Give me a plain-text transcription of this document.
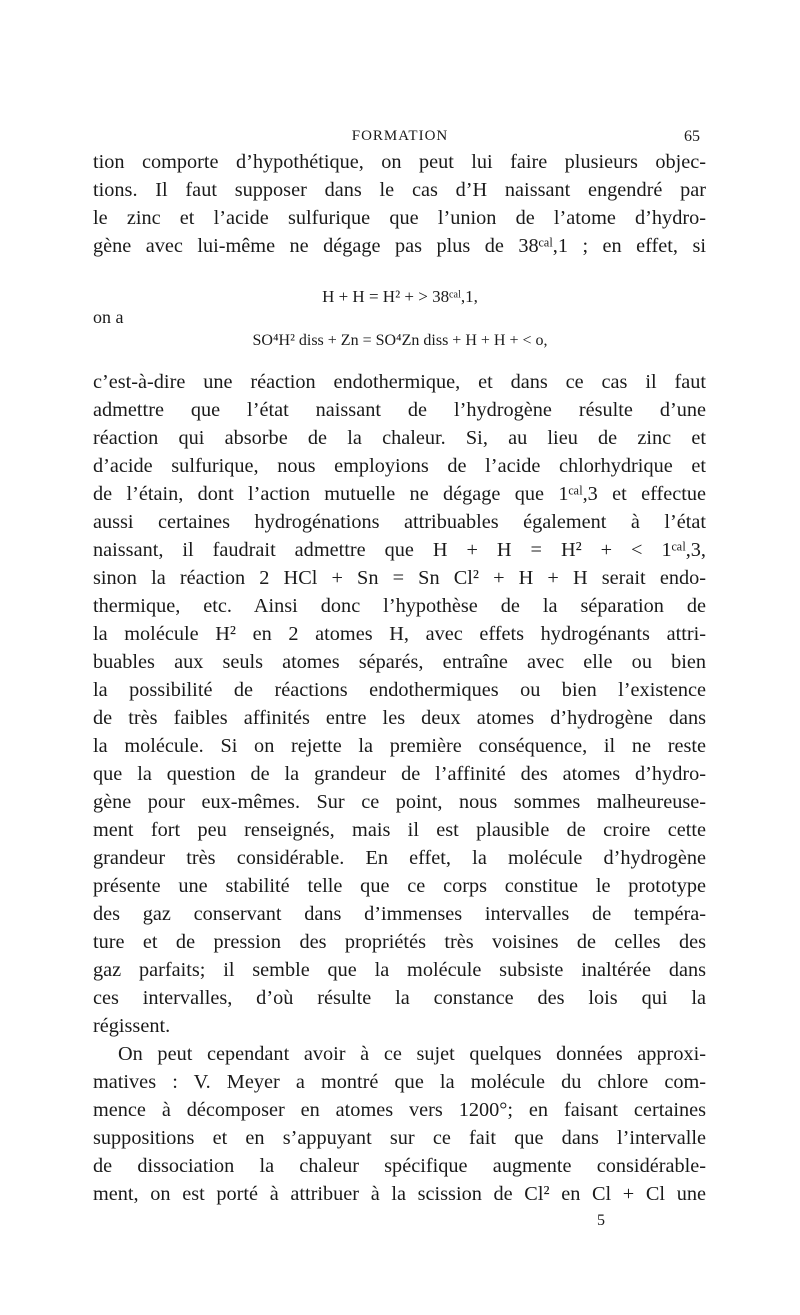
FORMATION	65
tion comporte d’hypothétique, on peut lui faire plusieurs objec-
tions. Il faut supposer dans le cas d’H naissant engendré par
le zinc et l’acide sulfurique que l’union de l’atome d’hydro-
gène avec lui-même ne dégage pas plus de 38ᶜᵃˡ,1 ; en effet, si
H + H = H² + > 38ᶜᵃˡ,1,
on a
SO⁴H² diss + Zn = SO⁴Zn diss + H + H + < o,
c’est-à-dire une réaction endothermique, et dans ce cas il faut
admettre que l’état naissant de l’hydrogène résulte d’une
réaction qui absorbe de la chaleur. Si, au lieu de zinc et
d’acide sulfurique, nous employions de l’acide chlorhydrique et
de l’étain, dont l’action mutuelle ne dégage que 1ᶜᵃˡ,3 et effectue
aussi certaines hydrogénations attribuables également à l’état
naissant, il faudrait admettre que H + H = H² + < 1ᶜᵃˡ,3,
sinon la réaction 2 HCl + Sn = Sn Cl² + H + H serait endo-
thermique, etc. Ainsi donc l’hypothèse de la séparation de
la molécule H² en 2 atomes H, avec effets hydrogénants attri-
buables aux seuls atomes séparés, entraîne avec elle ou bien
la possibilité de réactions endothermiques ou bien l’existence
de très faibles affinités entre les deux atomes d’hydrogène dans
la molécule. Si on rejette la première conséquence, il ne reste
que la question de la grandeur de l’affinité des atomes d’hydro-
gène pour eux-mêmes. Sur ce point, nous sommes malheureuse-
ment fort peu renseignés, mais il est plausible de croire cette
grandeur très considérable. En effet, la molécule d’hydrogène
présente une stabilité telle que ce corps constitue le prototype
des gaz conservant dans d’immenses intervalles de tempéra-
ture et de pression des propriétés très voisines de celles des
gaz parfaits; il semble que la molécule subsiste inaltérée dans
ces intervalles, d’où résulte la constance des lois qui la
régissent.
On peut cependant avoir à ce sujet quelques données approxi-
matives : V. Meyer a montré que la molécule du chlore com-
mence à décomposer en atomes vers 1200°; en faisant certaines
suppositions et en s’appuyant sur ce fait que dans l’intervalle
de dissociation la chaleur spécifique augmente considérable-
ment, on est porté à attribuer à la scission de Cl² en Cl + Cl une
5
